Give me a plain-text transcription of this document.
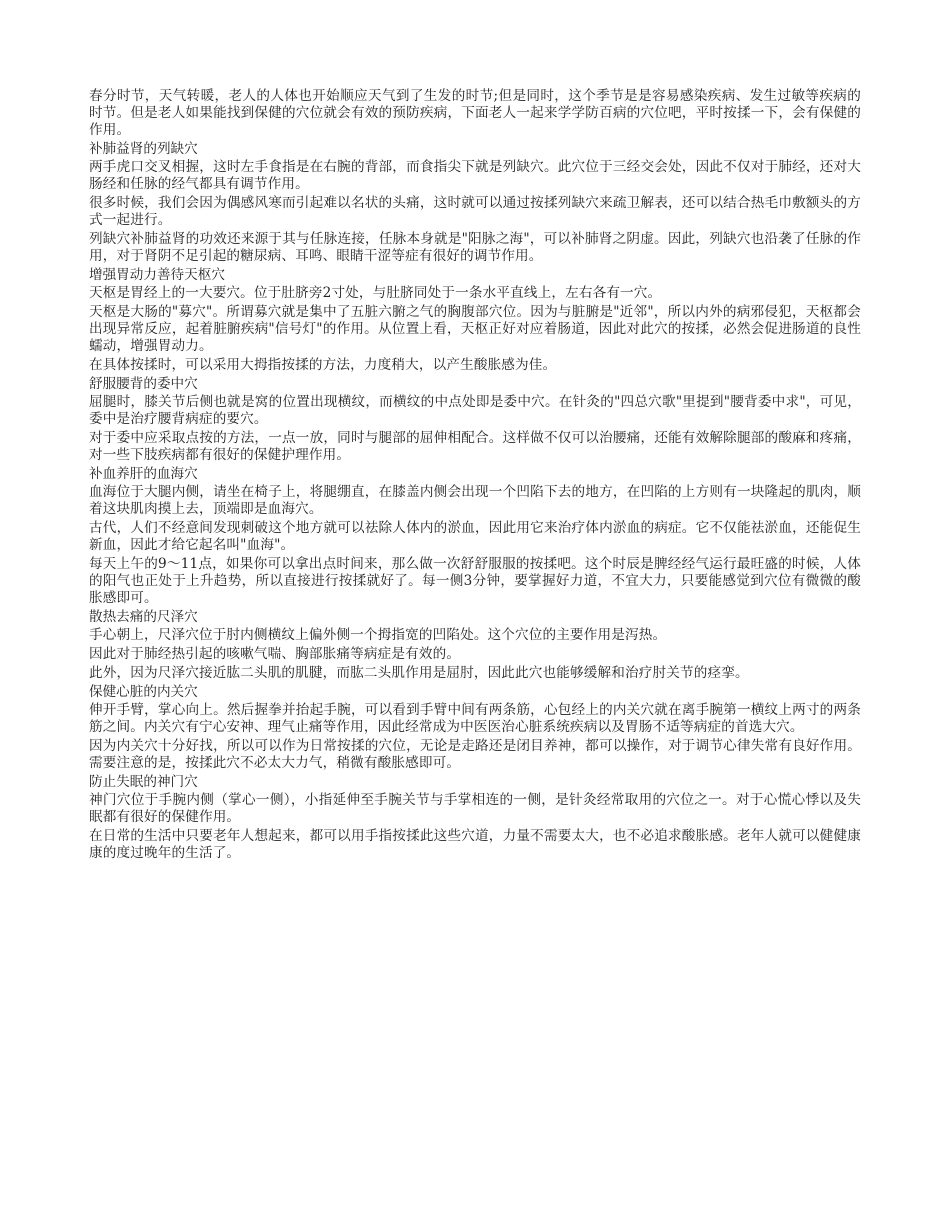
春分时节，天气转暖，老人的人体也开始顺应天气到了生发的时节;但是同时，这个季节是是容易感染疾病、发生过敏等疾病的时节。但是老人如果能找到保健的穴位就会有效的预防疾病，下面老人一起来学学防百病的穴位吧，平时按揉一下，会有保健的作用。

补肺益肾的列缺穴

两手虎口交叉相握，这时左手食指是在右腕的背部，而食指尖下就是列缺穴。此穴位于三经交会处，因此不仅对于肺经，还对大肠经和任脉的经气都具有调节作用。

很多时候，我们会因为偶感风寒而引起难以名状的头痛，这时就可以通过按揉列缺穴来疏卫解表，还可以结合热毛巾敷额头的方式一起进行。

列缺穴补肺益肾的功效还来源于其与任脉连接，任脉本身就是"阳脉之海"，可以补肺肾之阴虚。因此，列缺穴也沿袭了任脉的作用，对于肾阴不足引起的糖尿病、耳鸣、眼睛干涩等症有很好的调节作用。

增强胃动力善待天枢穴

天枢是胃经上的一大要穴。位于肚脐旁2寸处，与肚脐同处于一条水平直线上，左右各有一穴。

天枢是大肠的"募穴"。所谓募穴就是集中了五脏六腑之气的胸腹部穴位。因为与脏腑是"近邻"，所以内外的病邪侵犯，天枢都会出现异常反应，起着脏腑疾病"信号灯"的作用。从位置上看，天枢正好对应着肠道，因此对此穴的按揉，必然会促进肠道的良性蠕动，增强胃动力。

在具体按揉时，可以采用大拇指按揉的方法，力度稍大，以产生酸胀感为佳。

舒服腰背的委中穴

屈腿时，膝关节后侧也就是窝的位置出现横纹，而横纹的中点处即是委中穴。在针灸的"四总穴歌"里提到"腰背委中求"，可见，委中是治疗腰背病症的要穴。

对于委中应采取点按的方法，一点一放，同时与腿部的屈伸相配合。这样做不仅可以治腰痛，还能有效解除腿部的酸麻和疼痛，对一些下肢疾病都有很好的保健护理作用。

补血养肝的血海穴

血海位于大腿内侧，请坐在椅子上，将腿绷直，在膝盖内侧会出现一个凹陷下去的地方，在凹陷的上方则有一块隆起的肌肉，顺着这块肌肉摸上去，顶端即是血海穴。

古代，人们不经意间发现刺破这个地方就可以祛除人体内的淤血，因此用它来治疗体内淤血的病症。它不仅能祛淤血，还能促生新血，因此才给它起名叫"血海"。

每天上午的9～11点，如果你可以拿出点时间来，那么做一次舒舒服服的按揉吧。这个时辰是脾经经气运行最旺盛的时候，人体的阳气也正处于上升趋势，所以直接进行按揉就好了。每一侧3分钟，要掌握好力道，不宜大力，只要能感觉到穴位有微微的酸胀感即可。

散热去痛的尺泽穴

手心朝上，尺泽穴位于肘内侧横纹上偏外侧一个拇指宽的凹陷处。这个穴位的主要作用是泻热。

因此对于肺经热引起的咳嗽气喘、胸部胀痛等病症是有效的。

此外，因为尺泽穴接近肱二头肌的肌腱，而肱二头肌作用是屈肘，因此此穴也能够缓解和治疗肘关节的痉挛。

保健心脏的内关穴

伸开手臂，掌心向上。然后握拳并抬起手腕，可以看到手臂中间有两条筋，心包经上的内关穴就在离手腕第一横纹上两寸的两条筋之间。内关穴有宁心安神、理气止痛等作用，因此经常成为中医医治心脏系统疾病以及胃肠不适等病症的首选大穴。

因为内关穴十分好找，所以可以作为日常按揉的穴位，无论是走路还是闭目养神，都可以操作，对于调节心律失常有良好作用。需要注意的是，按揉此穴不必太大力气，稍微有酸胀感即可。

防止失眠的神门穴

神门穴位于手腕内侧（掌心一侧），小指延伸至手腕关节与手掌相连的一侧，是针灸经常取用的穴位之一。对于心慌心悸以及失眠都有很好的保健作用。

在日常的生活中只要老年人想起来，都可以用手指按揉此这些穴道，力量不需要太大，也不必追求酸胀感。老年人就可以健健康康的度过晚年的生活了。
